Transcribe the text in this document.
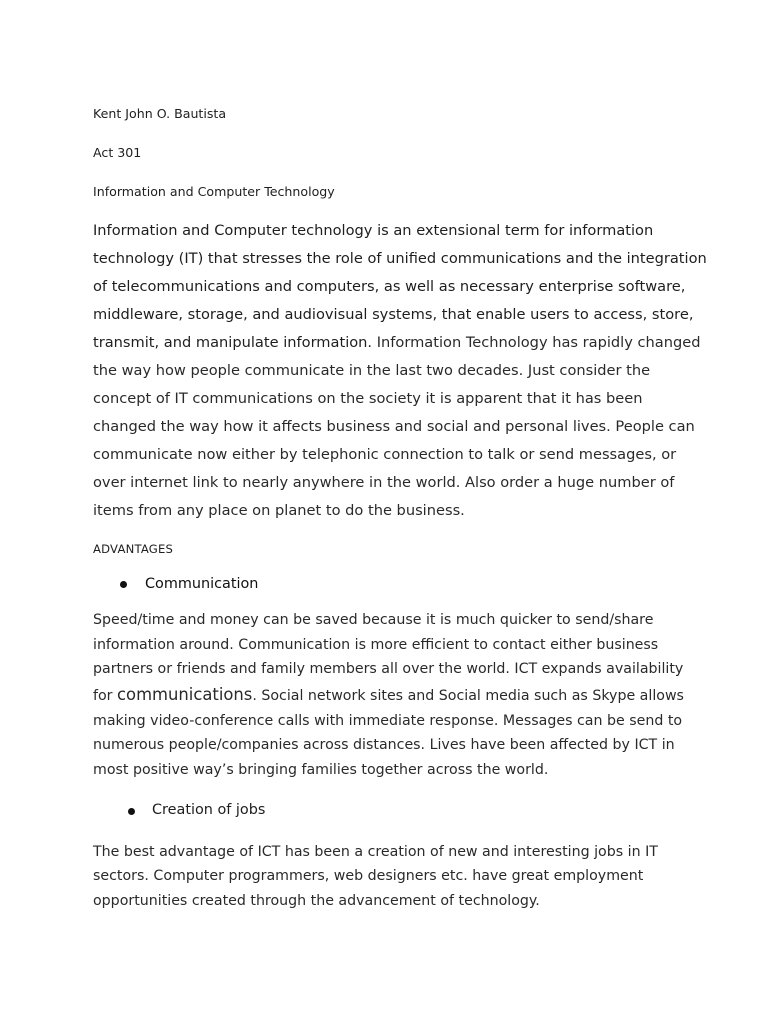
Kent John O. Bautista

Act 301

Information and Computer Technology

Information and Computer technology is an extensional term for information

technology (IT) that stresses the role of unified communications and the integration

of telecommunications and computers, as well as necessary enterprise software,

middleware, storage, and audiovisual systems, that enable users to access, store,

transmit, and manipulate information. Information Technology has rapidly changed

the way how people communicate in the last two decades. Just consider the

concept of IT communications on the society it is apparent that it has been

changed the way how it affects business and social and personal lives. People can

communicate now either by telephonic connection to talk or send messages, or

over internet link to nearly anywhere in the world. Also order a huge number of

items from any place on planet to do the business.

ADVANTAGES

Communication

Speed/time and money can be saved because it is much quicker to send/share

information around. Communication is more efficient to contact either business

partners or friends and family members all over the world. ICT expands availability

for communications. Social network sites and Social media such as Skype allows

making video-conference calls with immediate response. Messages can be send to

numerous people/companies across distances. Lives have been affected by ICT in

most positive way’s bringing families together across the world.

Creation of jobs

The best advantage of ICT has been a creation of new and interesting jobs in IT

sectors. Computer programmers, web designers etc. have great employment

opportunities created through the advancement of technology.
